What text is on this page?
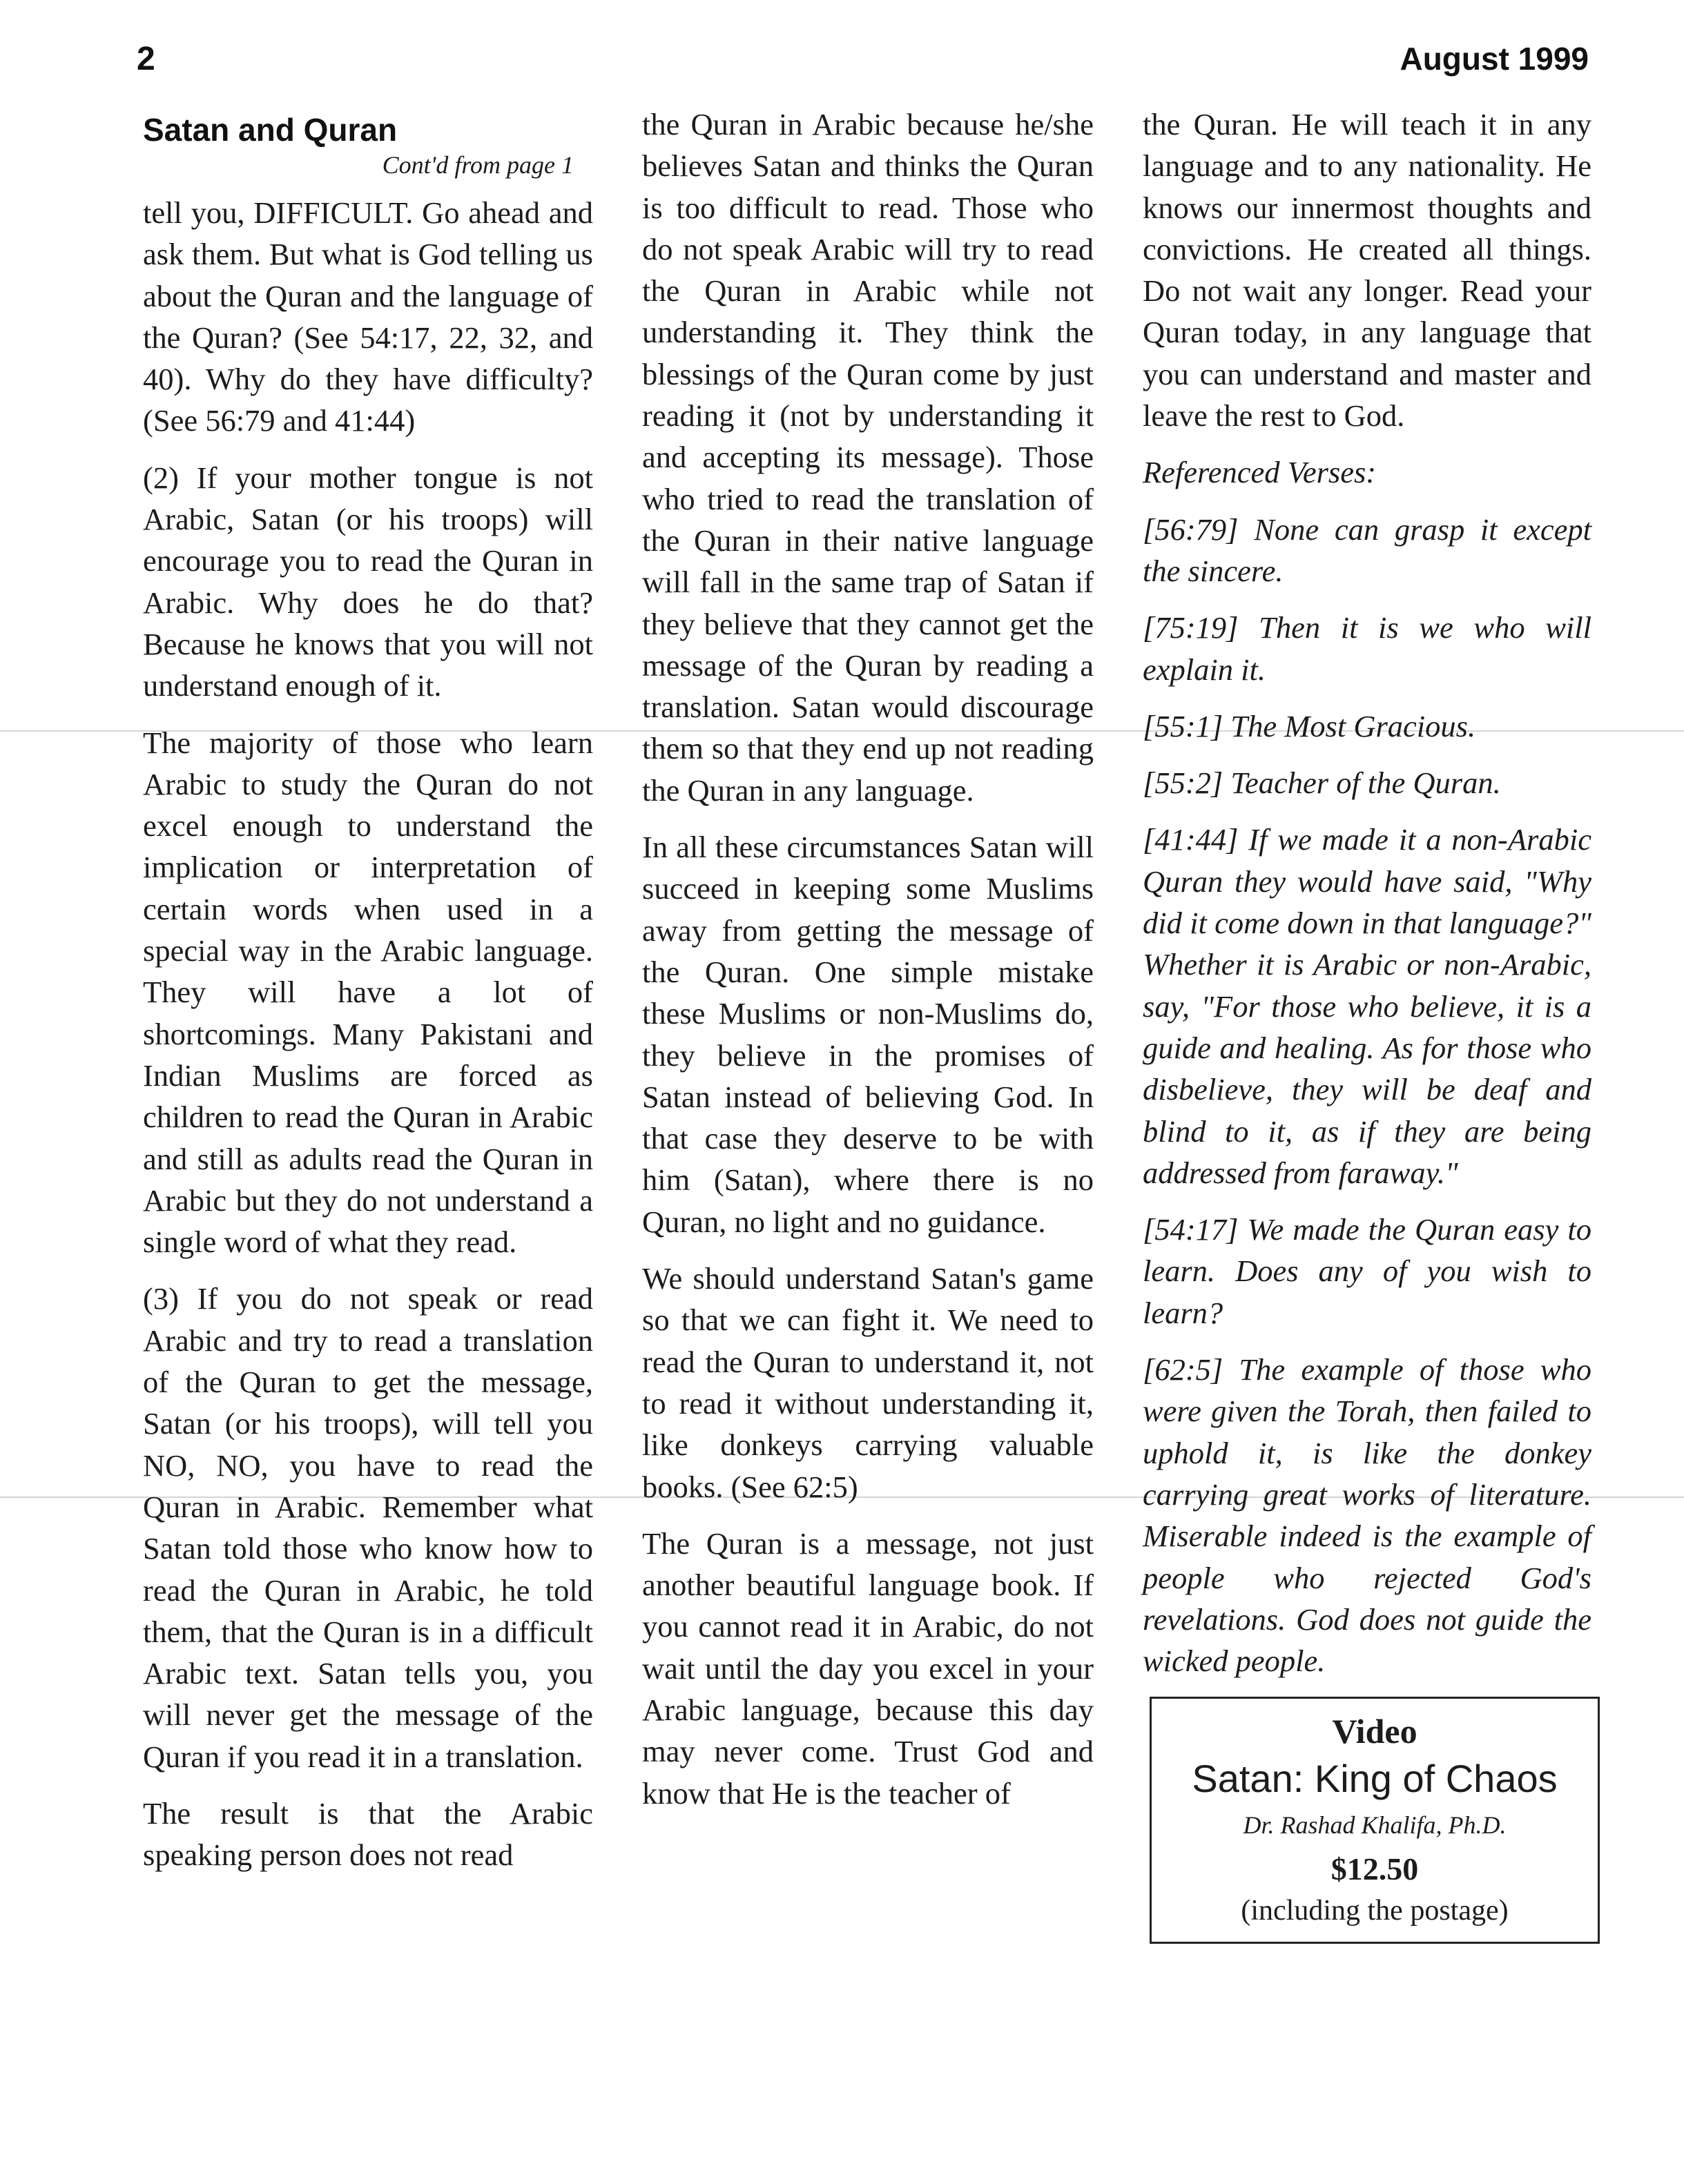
2	August 1999
Satan and Quran
Cont'd from page 1

tell you, DIFFICULT. Go ahead and ask them. But what is God telling us about the Quran and the language of the Quran? (See 54:17, 22, 32, and 40). Why do they have difficulty? (See 56:79 and 41:44)

(2) If your mother tongue is not Arabic, Satan (or his troops) will encourage you to read the Quran in Arabic. Why does he do that? Because he knows that you will not understand enough of it.

The majority of those who learn Arabic to study the Quran do not excel enough to understand the implication or interpretation of certain words when used in a special way in the Arabic language. They will have a lot of shortcomings. Many Pakistani and Indian Muslims are forced as children to read the Quran in Arabic and still as adults read the Quran in Arabic but they do not understand a single word of what they read.

(3) If you do not speak or read Arabic and try to read a translation of the Quran to get the message, Satan (or his troops), will tell you NO, NO, you have to read the Quran in Arabic. Remember what Satan told those who know how to read the Quran in Arabic, he told them, that the Quran is in a difficult Arabic text. Satan tells you, you will never get the message of the Quran if you read it in a translation.

The result is that the Arabic speaking person does not read

the Quran in Arabic because he/she believes Satan and thinks the Quran is too difficult to read. Those who do not speak Arabic will try to read the Quran in Arabic while not understanding it. They think the blessings of the Quran come by just reading it (not by understanding it and accepting its message). Those who tried to read the translation of the Quran in their native language will fall in the same trap of Satan if they believe that they cannot get the message of the Quran by reading a translation. Satan would discourage them so that they end up not reading the Quran in any language.

In all these circumstances Satan will succeed in keeping some Muslims away from getting the message of the Quran. One simple mistake these Muslims or non-Muslims do, they believe in the promises of Satan instead of believing God. In that case they deserve to be with him (Satan), where there is no Quran, no light and no guidance.

We should understand Satan's game so that we can fight it. We need to read the Quran to understand it, not to read it without understanding it, like donkeys carrying valuable books. (See 62:5)

The Quran is a message, not just another beautiful language book. If you cannot read it in Arabic, do not wait until the day you excel in your Arabic language, because this day may never come. Trust God and know that He is the teacher of

the Quran. He will teach it in any language and to any nationality. He knows our innermost thoughts and convictions. He created all things. Do not wait any longer. Read your Quran today, in any language that you can understand and master and leave the rest to God.

Referenced Verses:

[56:79] None can grasp it except the sincere.

[75:19] Then it is we who will explain it.

[55:1] The Most Gracious.

[55:2] Teacher of the Quran.

[41:44] If we made it a non-Arabic Quran they would have said, "Why did it come down in that language?" Whether it is Arabic or non-Arabic, say, "For those who believe, it is a guide and healing. As for those who disbelieve, they will be deaf and blind to it, as if they are being addressed from faraway."

[54:17] We made the Quran easy to learn. Does any of you wish to learn?

[62:5] The example of those who were given the Torah, then failed to uphold it, is like the donkey carrying great works of literature. Miserable indeed is the example of people who rejected God's revelations. God does not guide the wicked people.

Video
Satan: King of Chaos
Dr. Rashad Khalifa, Ph.D.
$12.50
(including the postage)
